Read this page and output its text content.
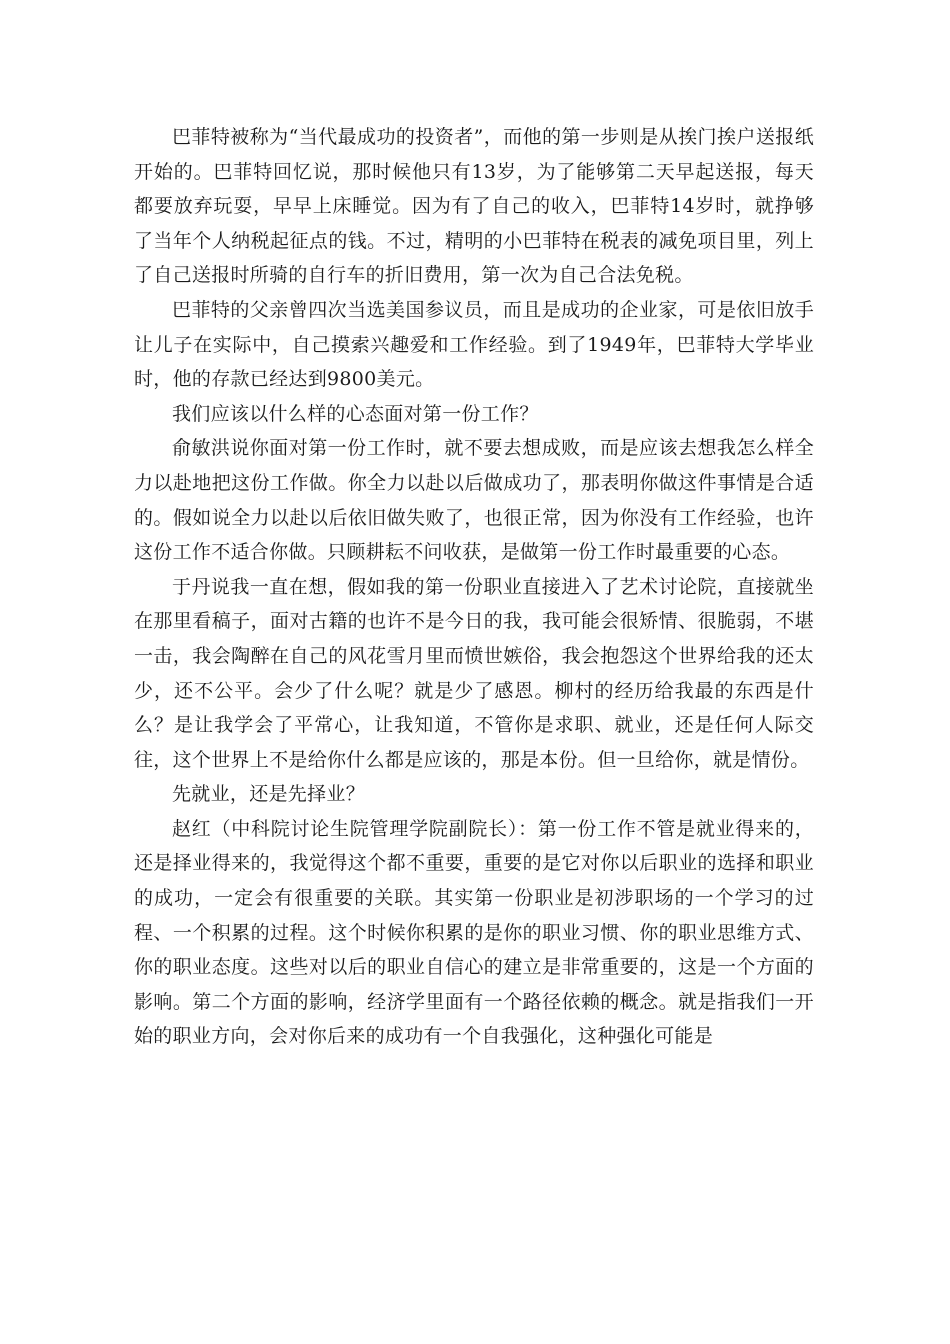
巴菲特被称为“当代最成功的投资者”，而他的第一步则是从挨门挨户送报纸开始的。巴菲特回忆说，那时候他只有13岁，为了能够第二天早起送报，每天都要放弃玩耍，早早上床睡觉。因为有了自己的收入，巴菲特14岁时，就挣够了当年个人纳税起征点的钱。不过，精明的小巴菲特在税表的减免项目里，列上了自己送报时所骑的自行车的折旧费用，第一次为自己合法免税。

巴菲特的父亲曾四次当选美国参议员，而且是成功的企业家，可是依旧放手让儿子在实际中，自己摸索兴趣爱和工作经验。到了1949年，巴菲特大学毕业时，他的存款已经达到9800美元。

我们应该以什么样的心态面对第一份工作？

俞敏洪说你面对第一份工作时，就不要去想成败，而是应该去想我怎么样全力以赴地把这份工作做。你全力以赴以后做成功了，那表明你做这件事情是合适的。假如说全力以赴以后依旧做失败了，也很正常，因为你没有工作经验，也许这份工作不适合你做。只顾耕耘不问收获，是做第一份工作时最重要的心态。

于丹说我一直在想，假如我的第一份职业直接进入了艺术讨论院，直接就坐在那里看稿子，面对古籍的也许不是今日的我，我可能会很矫情、很脆弱，不堪一击，我会陶醉在自己的风花雪月里而愤世嫉俗，我会抱怨这个世界给我的还太少，还不公平。会少了什么呢？就是少了感恩。柳村的经历给我最的东西是什么？是让我学会了平常心，让我知道，不管你是求职、就业，还是任何人际交往，这个世界上不是给你什么都是应该的，那是本份。但一旦给你，就是情份。

先就业，还是先择业？

赵红（中科院讨论生院管理学院副院长）：第一份工作不管是就业得来的，还是择业得来的，我觉得这个都不重要，重要的是它对你以后职业的选择和职业的成功，一定会有很重要的关联。其实第一份职业是初涉职场的一个学习的过程、一个积累的过程。这个时候你积累的是你的职业习惯、你的职业思维方式、你的职业态度。这些对以后的职业自信心的建立是非常重要的，这是一个方面的影响。第二个方面的影响，经济学里面有一个路径依赖的概念。就是指我们一开始的职业方向，会对你后来的成功有一个自我强化，这种强化可能是
